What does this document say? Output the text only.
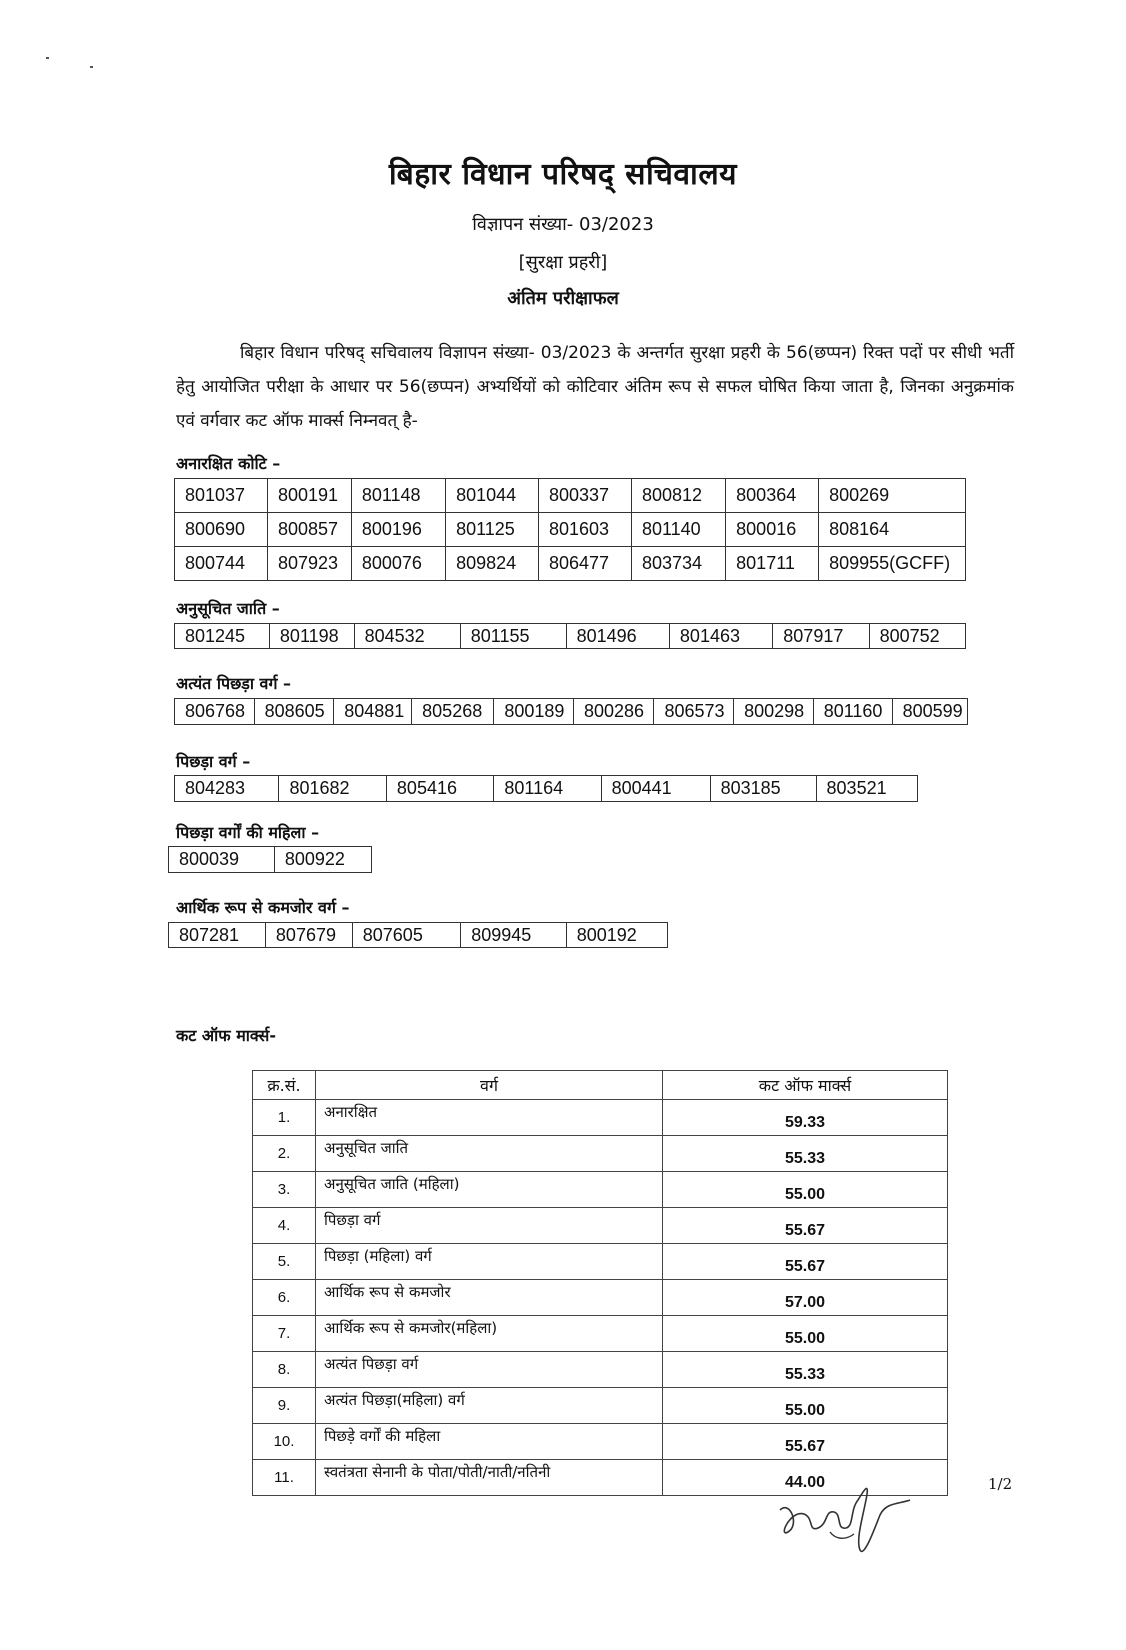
बिहार विधान परिषद् सचिवालय
विज्ञापन संख्या- 03/2023
[सुरक्षा प्रहरी]
अंतिम परीक्षाफल
बिहार विधान परिषद् सचिवालय विज्ञापन संख्या- 03/2023 के अन्तर्गत सुरक्षा प्रहरी के 56(छप्पन) रिक्त पदों पर सीधी भर्ती हेतु आयोजित परीक्षा के आधार पर 56(छप्पन) अभ्यर्थियों को कोटिवार अंतिम रूप से सफल घोषित किया जाता है, जिनका अनुक्रमांक एवं वर्गवार कट ऑफ मार्क्स निम्नवत् है-
अनारक्षित कोटि –
801037	800191	801148	801044	800337	800812	800364	800269
800690	800857	800196	801125	801603	801140	800016	808164
800744	807923	800076	809824	806477	803734	801711	809955(GCFF)
अनुसूचित जाति –
801245	801198	804532	801155	801496	801463	807917	800752
अत्यंत पिछड़ा वर्ग –
806768	808605	804881	805268	800189	800286	806573	800298	801160	800599
पिछड़ा वर्ग –
804283	801682	805416	801164	800441	803185	803521
पिछड़ा वर्गों की महिला –
800039	800922
आर्थिक रूप से कमजोर वर्ग –
807281	807679	807605	809945	800192
कट ऑफ मार्क्स-
क्र.सं.	वर्ग	कट ऑफ मार्क्स
1.	अनारक्षित	59.33
2.	अनुसूचित जाति	55.33
3.	अनुसूचित जाति (महिला)	55.00
4.	पिछड़ा वर्ग	55.67
5.	पिछड़ा (महिला) वर्ग	55.67
6.	आर्थिक रूप से कमजोर	57.00
7.	आर्थिक रूप से कमजोर(महिला)	55.00
8.	अत्यंत पिछड़ा वर्ग	55.33
9.	अत्यंत पिछड़ा(महिला) वर्ग	55.00
10.	पिछड़े वर्गों की महिला	55.67
11.	स्वतंत्रता सेनानी के पोता/पोती/नाती/नतिनी	44.00	1/2
